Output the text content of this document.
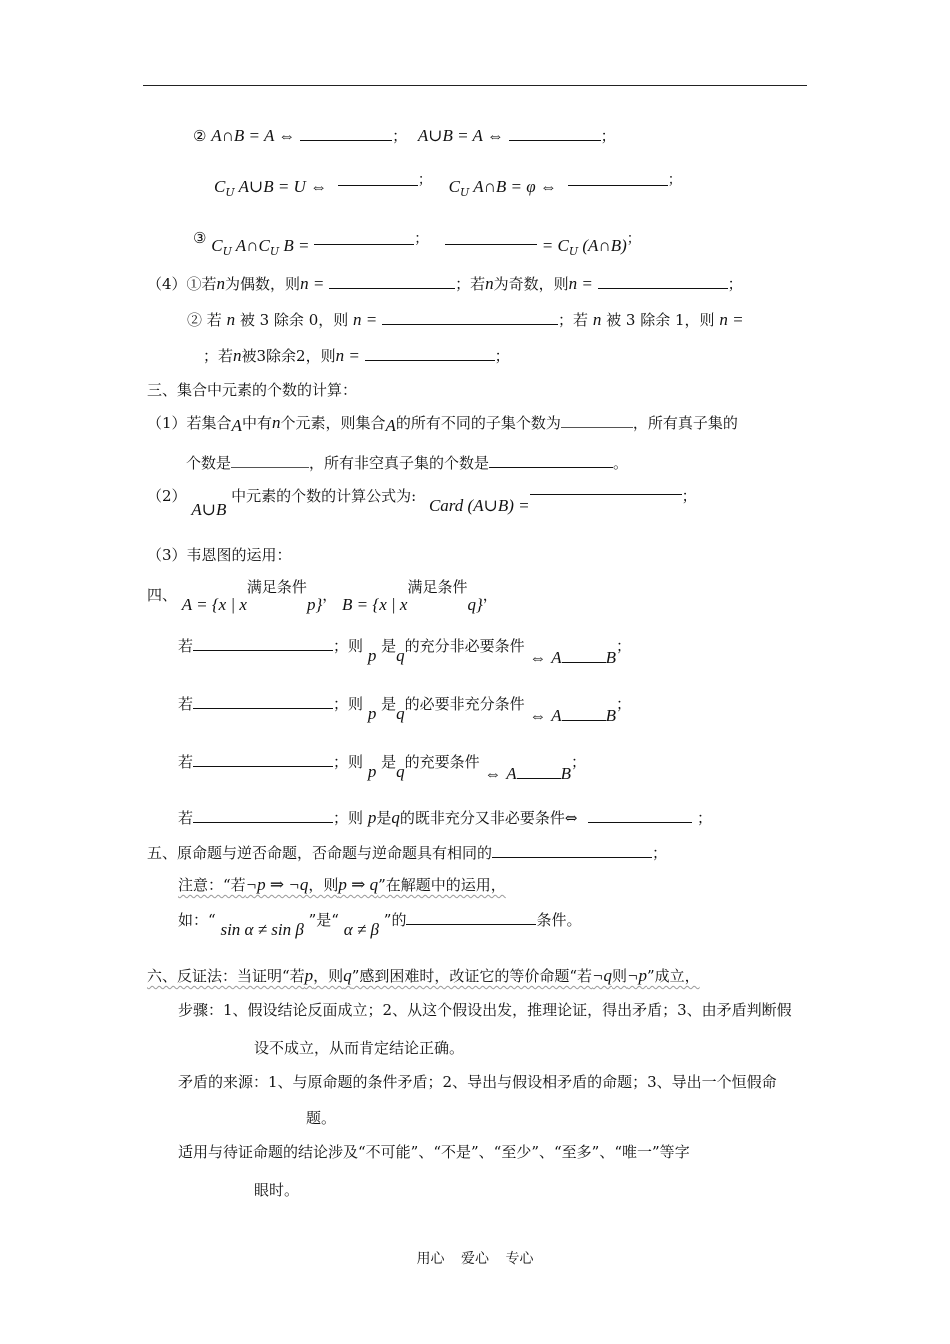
② A∩B = A ⇔	； A∪B = A ⇔	；
$C_U$ A∪B = U ⇔	； $C_U$ A∩B = φ ⇔	；
③ $C_U$ $A\cap C_U$ B =	；	= $C_U$ (A∩B)；
（4）①若n为偶数，则n =	；若n为奇数，则n =	；
② 若 n 被 3 除余 0，则 n =	；若 n 被 3 除余 1，则 n =
；若n被3除余2，则n =	；
三、集合中元素的个数的计算：
（1）若集合A中有n个元素，则集合A的所有不同的子集个数为	，所有真子集的
个数是	，所有非空真子集的个数是	。
（2） A∪B 中元素的个数的计算公式为: Card (A∪B) =	；
（3）韦恩图的运用：
四、 A = {x | x满足条件p}， B = {x | x满足条件q}，
若	；则 p 是q的充分非必要条件 ⇔ A	B；
若	；则 p 是q的必要非充分条件 ⇔ A	B；
若	；则 p 是q的充要条件 ⇔ A	B；
若	；则 p是q的既非充分又非必要条件⇔	；
五、原命题与逆否命题，否命题与逆命题具有相同的	；
注意：“若¬p ⇒ ¬q，则p ⇒ q”在解题中的运用，
如：“ sin α ≠ sin β ”是“ α ≠ β ”的	条件。
六、反证法：当证明“若p，则q”感到困难时，改证它的等价命题“若¬q则¬p”成立，
步骤：1、假设结论反面成立；2、从这个假设出发，推理论证，得出矛盾；3、由矛盾判断假
设不成立，从而肯定结论正确。
矛盾的来源：1、与原命题的条件矛盾；2、导出与假设相矛盾的命题；3、导出一个恒假命
题。
适用与待证命题的结论涉及“不可能”、“不是”、“至少”、“至多”、“唯一”等字
眼时。
用心 爱心 专心
